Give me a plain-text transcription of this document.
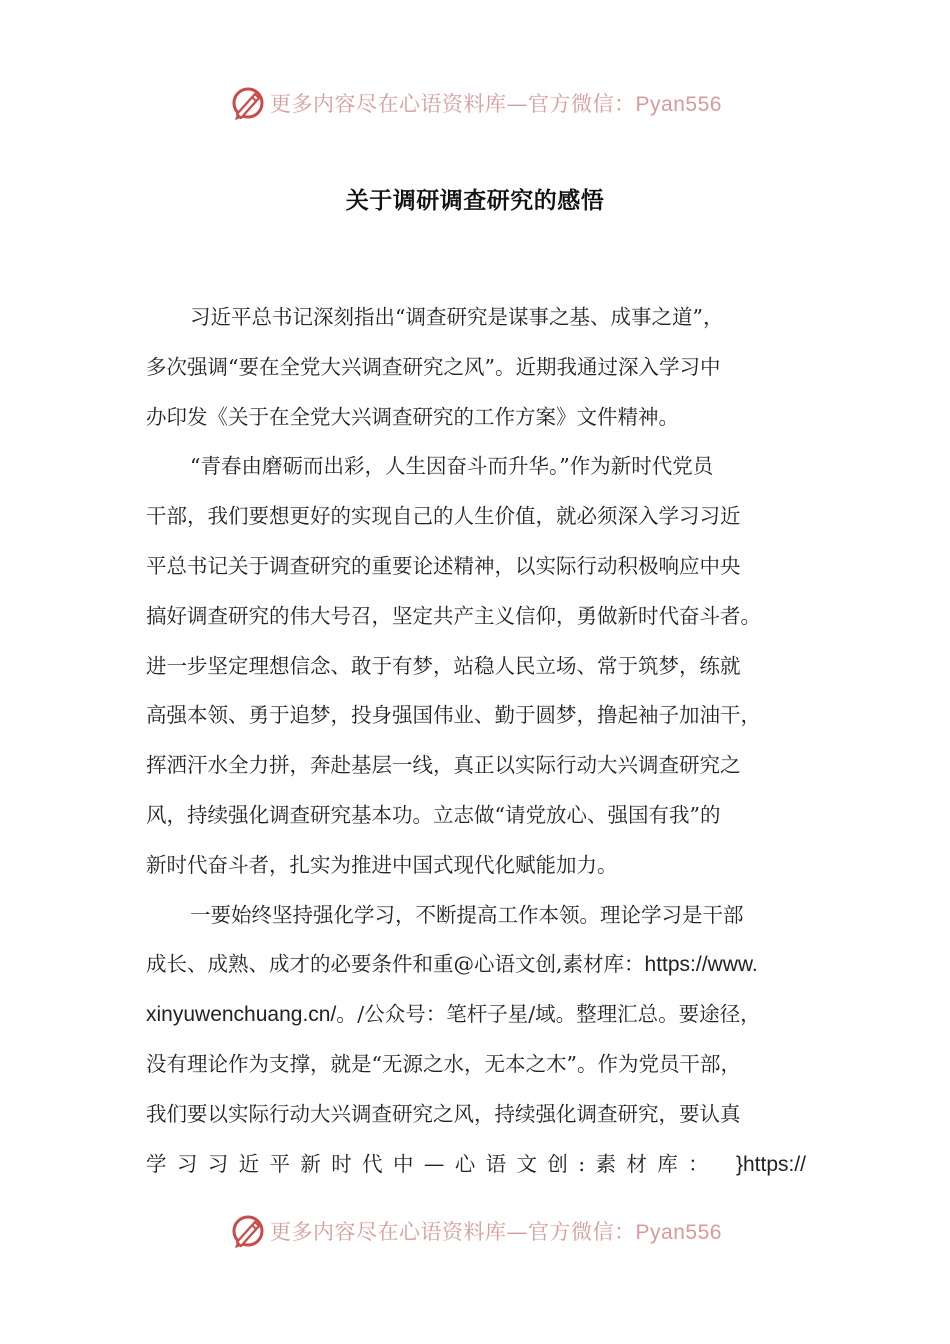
更多内容尽在心语资料库—官方微信：Pyan556
关于调研调查研究的感悟
习近平总书记深刻指出“调查研究是谋事之基、成事之道”，
多次强调“要在全党大兴调查研究之风”。近期我通过深入学习中
办印发《关于在全党大兴调查研究的工作方案》文件精神。
“青春由磨砺而出彩，人生因奋斗而升华。”作为新时代党员
干部，我们要想更好的实现自己的人生价值，就必须深入学习习近
平总书记关于调查研究的重要论述精神，以实际行动积极响应中央
搞好调查研究的伟大号召，坚定共产主义信仰，勇做新时代奋斗者。
进一步坚定理想信念、敢于有梦，站稳人民立场、常于筑梦，练就
高强本领、勇于追梦，投身强国伟业、勤于圆梦，撸起袖子加油干，
挥洒汗水全力拼，奔赴基层一线，真正以实际行动大兴调查研究之
风，持续强化调查研究基本功。立志做“请党放心、强国有我”的
新时代奋斗者，扎实为推进中国式现代化赋能加力。
一要始终坚持强化学习，不断提高工作本领。理论学习是干部
成长、成熟、成才的必要条件和重@心语文创,素材库：https://www.
xinyuwenchuang.cn/。/公众号：笔杆子星/域。整理汇总。要途径，
没有理论作为支撑，就是“无源之水，无本之木”。作为党员干部，
我们要以实际行动大兴调查研究之风，持续强化调查研究，要认真
学习习近平新时代中—心语文创:素材库： }https://
更多内容尽在心语资料库—官方微信：Pyan556
